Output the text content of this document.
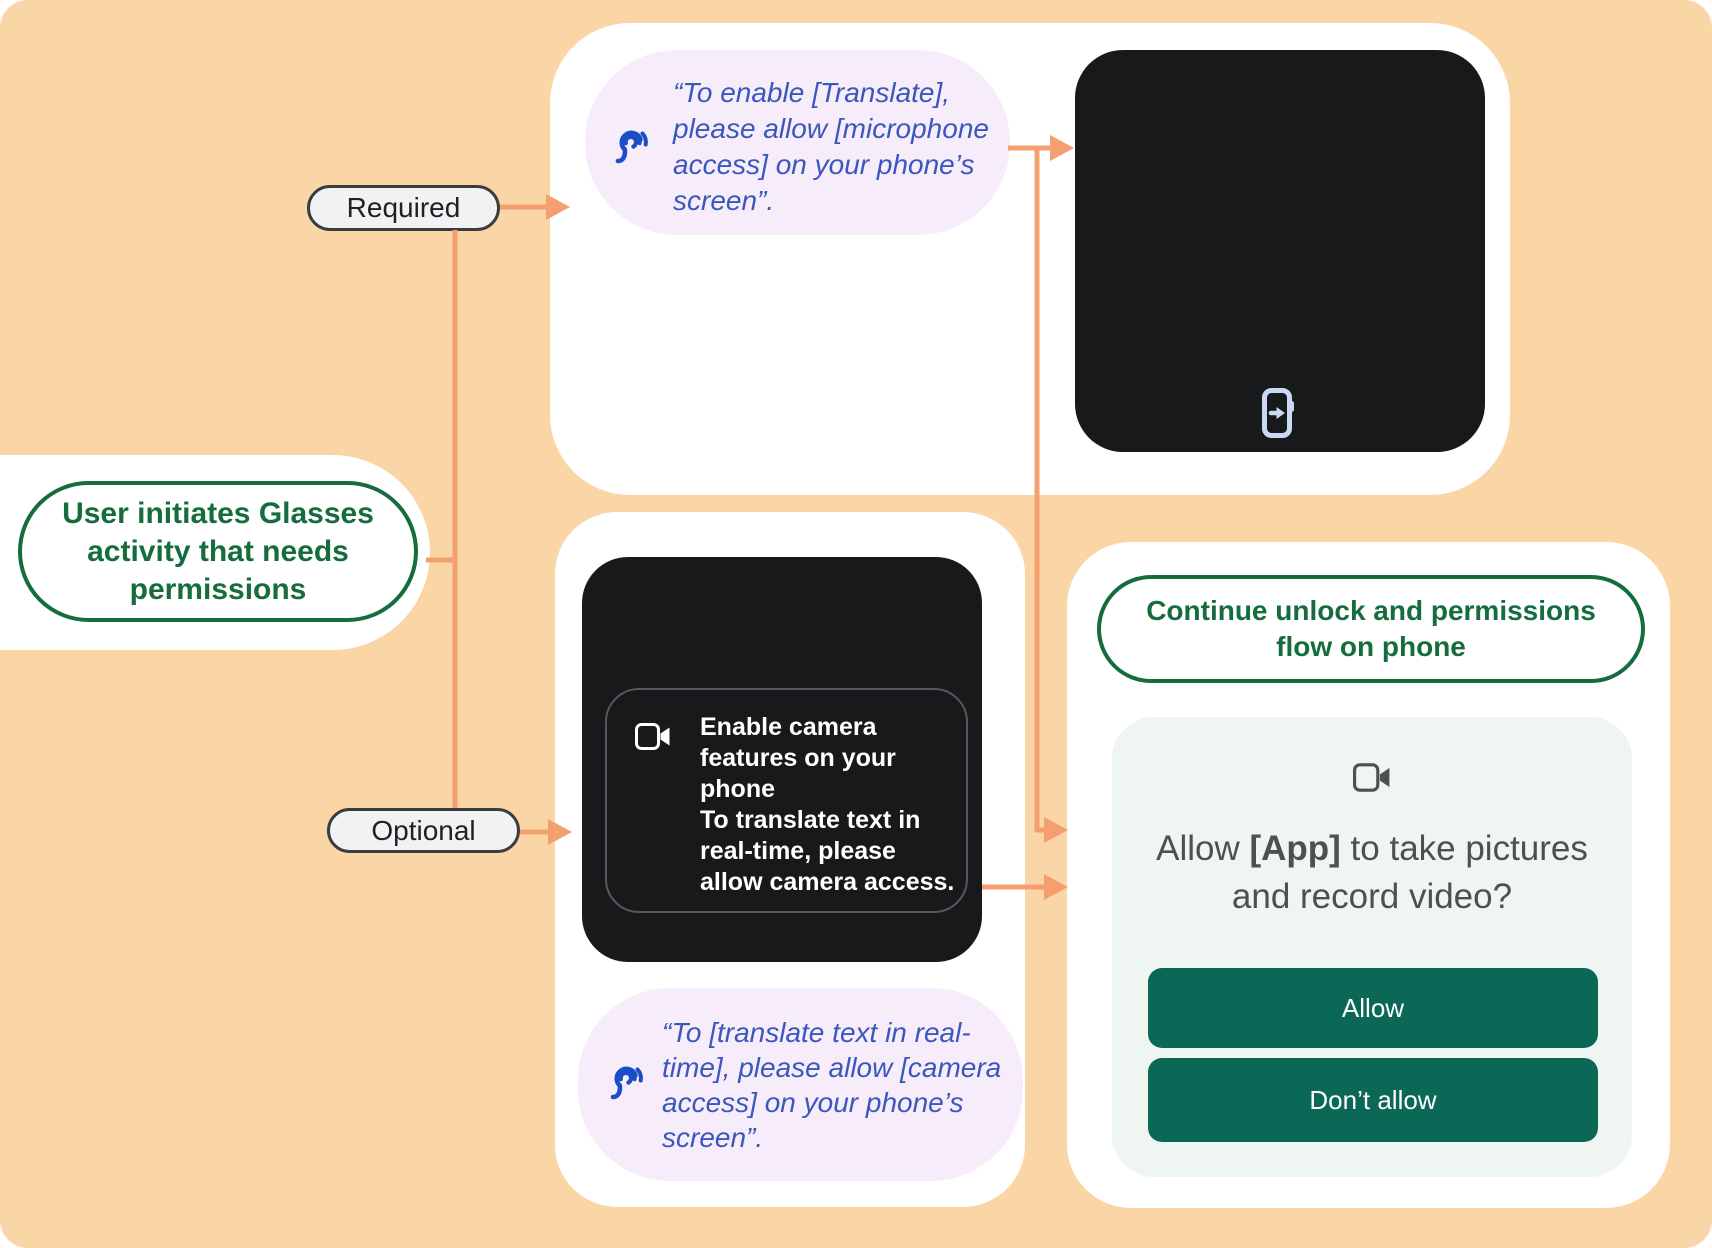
“To enable [Translate],
please allow [microphone
access] on your phone’s
screen”.
User initiates Glasses
activity that needs
permissions
Required
Optional
Enable camera
features on your
phone
To translate text in
real-time, please
allow camera access.
“To [translate text in real-
time], please allow [camera
access] on your phone’s
screen”.
Continue unlock and permissions
flow on phone
Allow [App] to take pictures
and record video?
Allow
Don’t allow
